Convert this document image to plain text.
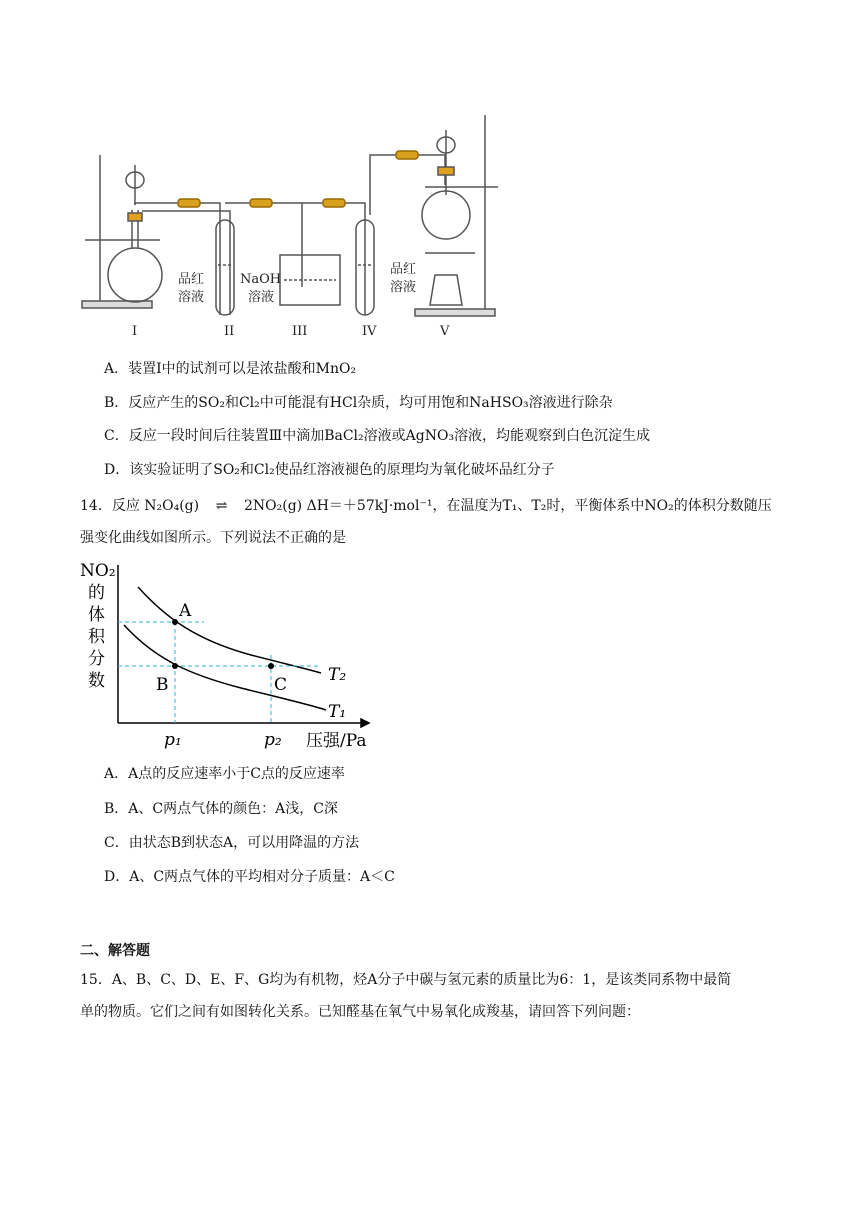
品红
溶液
NaOH
溶液
品红
溶液
I	II	III	IV	V
A．装置Ⅰ中的试剂可以是浓盐酸和MnO₂
B．反应产生的SO₂和Cl₂中可能混有HCl杂质，均可用饱和NaHSO₃溶液进行除杂
C．反应一段时间后往装置Ⅲ中滴加BaCl₂溶液或AgNO₃溶液，均能观察到白色沉淀生成
D．该实验证明了SO₂和Cl₂使品红溶液褪色的原理均为氧化破坏品红分子
14．反应 N₂O₄(g) ⇌ 2NO₂(g) ΔH＝＋57kJ·mol⁻¹，在温度为T₁、T₂时，平衡体系中NO₂的体积分数随压
强变化曲线如图所示。下列说法不正确的是
A
B	C T₂
T₁
p₁	p₂ 压强/Pa
NO₂ 的体积分数
A．A点的反应速率小于C点的反应速率
B．A、C两点气体的颜色：A浅，C深
C．由状态B到状态A，可以用降温的方法
D．A、C两点气体的平均相对分子质量：A＜C
二、解答题
15．A、B、C、D、E、F、G均为有机物，烃A分子中碳与氢元素的质量比为6：1，是该类同系物中最简
单的物质。它们之间有如图转化关系。已知醛基在氧气中易氧化成羧基，请回答下列问题：
